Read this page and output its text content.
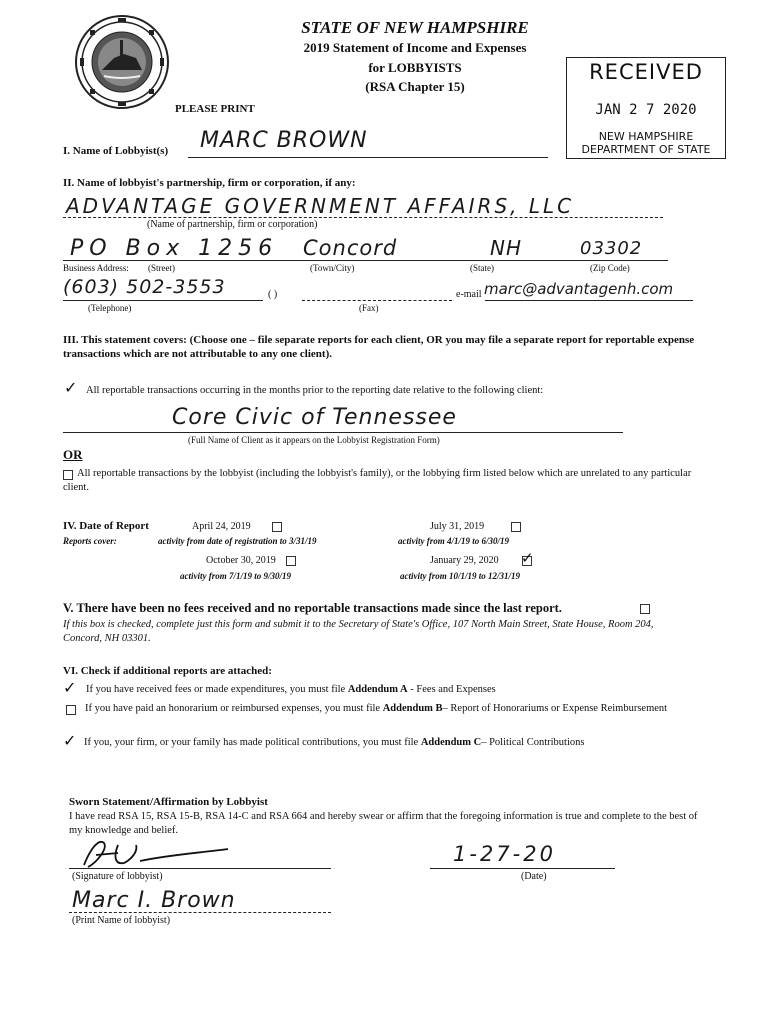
STATE OF NEW HAMPSHIRE
2019 Statement of Income and Expenses
for LOBBYISTS
(RSA Chapter 15)
PLEASE PRINT
RECEIVED
JAN 2 7 2020
NEW HAMPSHIRE
DEPARTMENT OF STATE
I. Name of Lobbyist(s) MARC BROWN
II. Name of lobbyist's partnership, firm or corporation, if any:
ADVANTAGE GOVERNMENT AFFAIRS, LLC
(Name of partnership, firm or corporation)
PO Box 1256 Concord	NH	03302
Business Address: (Street)	(Town/City)	(State)	(Zip Code)
(603) 502-3553	( )	e-mail marc@advantagenh.com
(Telephone)	(Fax)
III. This statement covers: (Choose one – file separate reports for each client, OR you may file a separate report for reportable expense transactions which are not attributable to any one client).
✓ All reportable transactions occurring in the months prior to the reporting date relative to the following client:
Core Civic of Tennessee
(Full Name of Client as it appears on the Lobbyist Registration Form)
OR
All reportable transactions by the lobbyist (including the lobbyist's family), or the lobbying firm listed below which are unrelated to any particular client.
IV. Date of Report
Reports cover:
April 24, 2019
activity from date of registration to 3/31/19
July 31, 2019
activity from 4/1/19 to 6/30/19
October 30, 2019
activity from 7/1/19 to 9/30/19
January 29, 2020 ✓
activity from 10/1/19 to 12/31/19
V. There have been no fees received and no reportable transactions made since the last report.
If this box is checked, complete just this form and submit it to the Secretary of State's Office, 107 North Main Street, State House, Room 204, Concord, NH 03301.
VI. Check if additional reports are attached:
✓ If you have received fees or made expenditures, you must file Addendum A - Fees and Expenses
If you have paid an honorarium or reimbursed expenses, you must file Addendum B– Report of Honorariums or Expense Reimbursement
✓ If you, your firm, or your family has made political contributions, you must file Addendum C– Political Contributions
Sworn Statement/Affirmation by Lobbyist
I have read RSA 15, RSA 15-B, RSA 14-C and RSA 664 and hereby swear or affirm that the foregoing information is true and complete to the best of my knowledge and belief.
(Signature of lobbyist)
1-27-20
(Date)
Marc I. Brown
(Print Name of lobbyist)
